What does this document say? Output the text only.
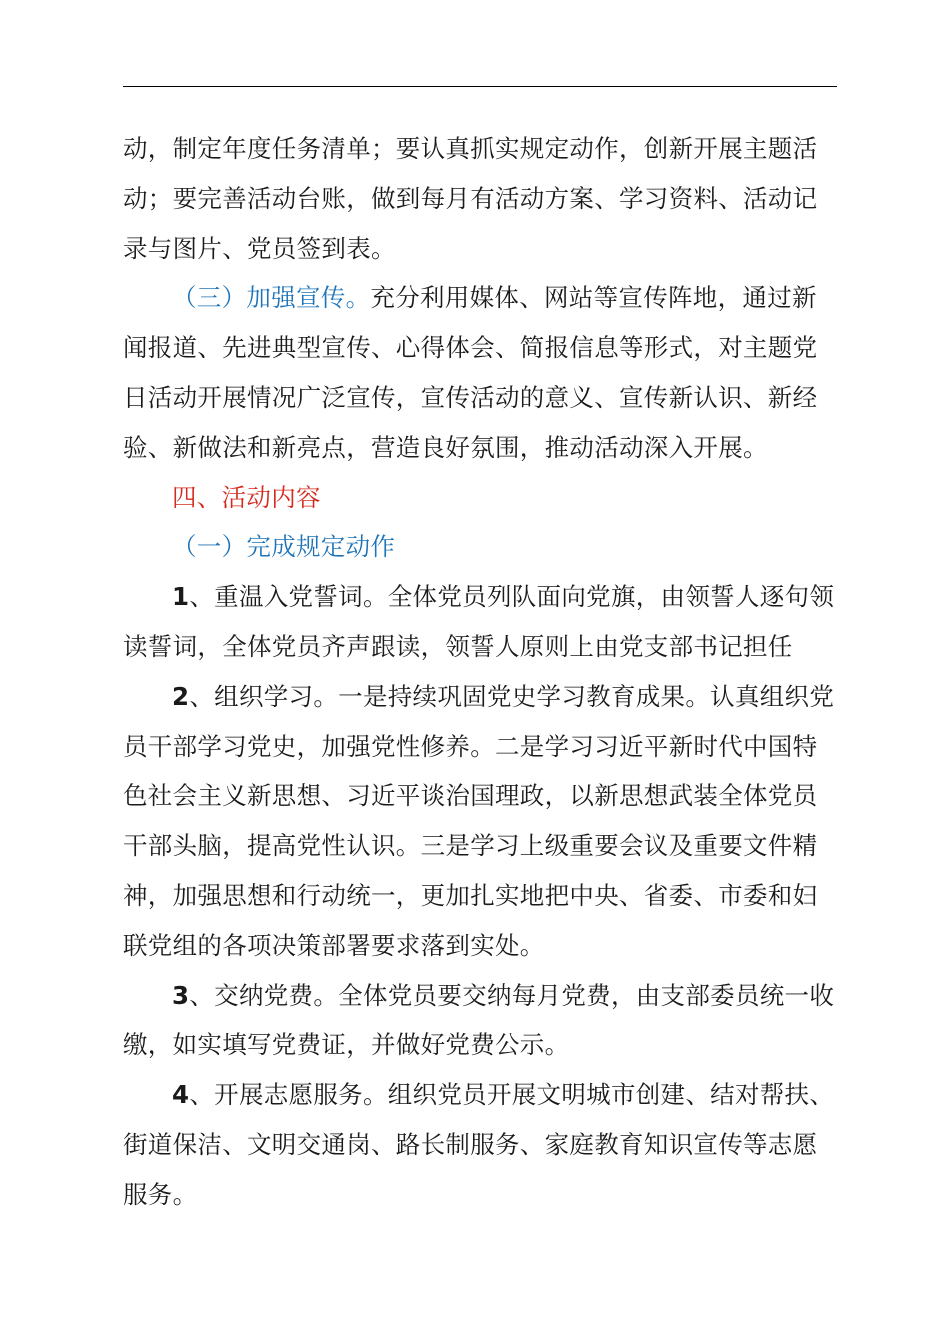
动，制定年度任务清单；要认真抓实规定动作，创新开展主题活动；要完善活动台账，做到每月有活动方案、学习资料、活动记录与图片、党员签到表。

（三）加强宣传。充分利用媒体、网站等宣传阵地，通过新闻报道、先进典型宣传、心得体会、简报信息等形式，对主题党日活动开展情况广泛宣传，宣传活动的意义、宣传新认识、新经验、新做法和新亮点，营造良好氛围，推动活动深入开展。

四、活动内容

（一）完成规定动作

1、重温入党誓词。全体党员列队面向党旗，由领誓人逐句领读誓词，全体党员齐声跟读，领誓人原则上由党支部书记担任

2、组织学习。一是持续巩固党史学习教育成果。认真组织党员干部学习党史，加强党性修养。二是学习习近平新时代中国特色社会主义新思想、习近平谈治国理政，以新思想武装全体党员干部头脑，提高党性认识。三是学习上级重要会议及重要文件精神，加强思想和行动统一，更加扎实地把中央、省委、市委和妇联党组的各项决策部署要求落到实处。

3、交纳党费。全体党员要交纳每月党费，由支部委员统一收缴，如实填写党费证，并做好党费公示。

4、开展志愿服务。组织党员开展文明城市创建、结对帮扶、街道保洁、文明交通岗、路长制服务、家庭教育知识宣传等志愿服务。
